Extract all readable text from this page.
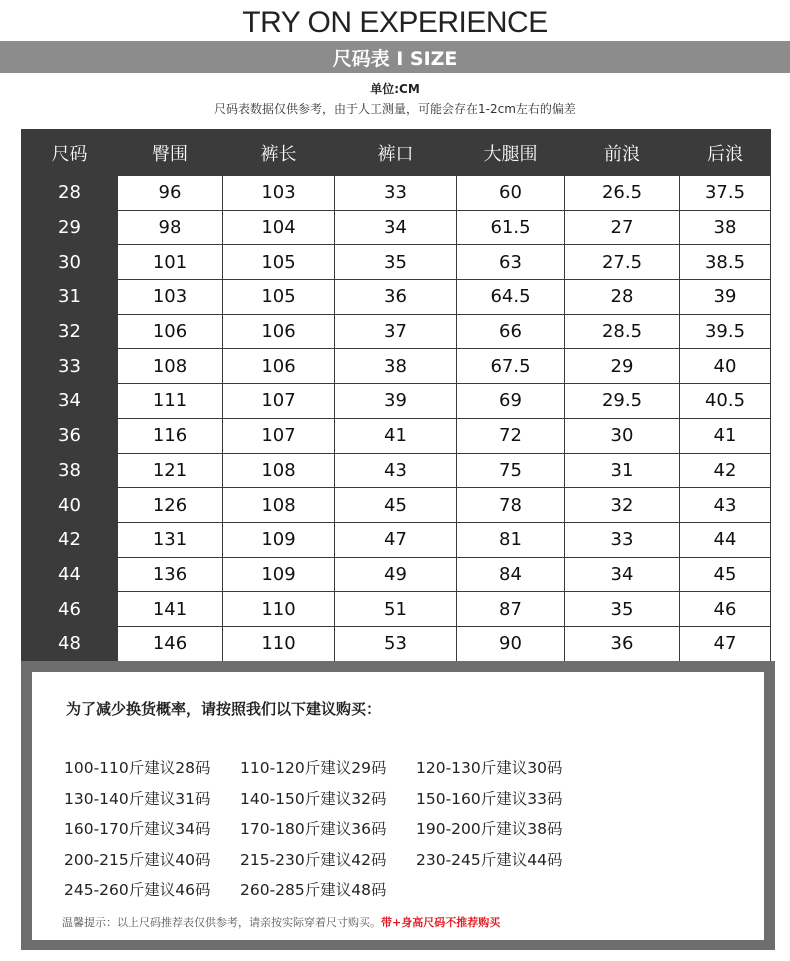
TRY ON EXPERIENCE
尺码表 I SIZE
单位:CM
尺码表数据仅供参考，由于人工测量，可能会存在1-2cm左右的偏差
尺码	臀围	裤长	裤口	大腿围	前浪	后浪
28	96	103	33	60	26.5	37.5
29	98	104	34	61.5	27	38
30	101	105	35	63	27.5	38.5
31	103	105	36	64.5	28	39
32	106	106	37	66	28.5	39.5
33	108	106	38	67.5	29	40
34	111	107	39	69	29.5	40.5
36	116	107	41	72	30	41
38	121	108	43	75	31	42
40	126	108	45	78	32	43
42	131	109	47	81	33	44
44	136	109	49	84	34	45
46	141	110	51	87	35	46
48	146	110	53	90	36	47
为了减少换货概率，请按照我们以下建议购买：
100-110斤建议28码	110-120斤建议29码	120-130斤建议30码
130-140斤建议31码	140-150斤建议32码	150-160斤建议33码
160-170斤建议34码	170-180斤建议36码	190-200斤建议38码
200-215斤建议40码	215-230斤建议42码	230-245斤建议44码
245-260斤建议46码	260-285斤建议48码
温馨提示：以上尺码推荐表仅供参考，请亲按实际穿着尺寸购买。带+身高尺码不推荐购买
